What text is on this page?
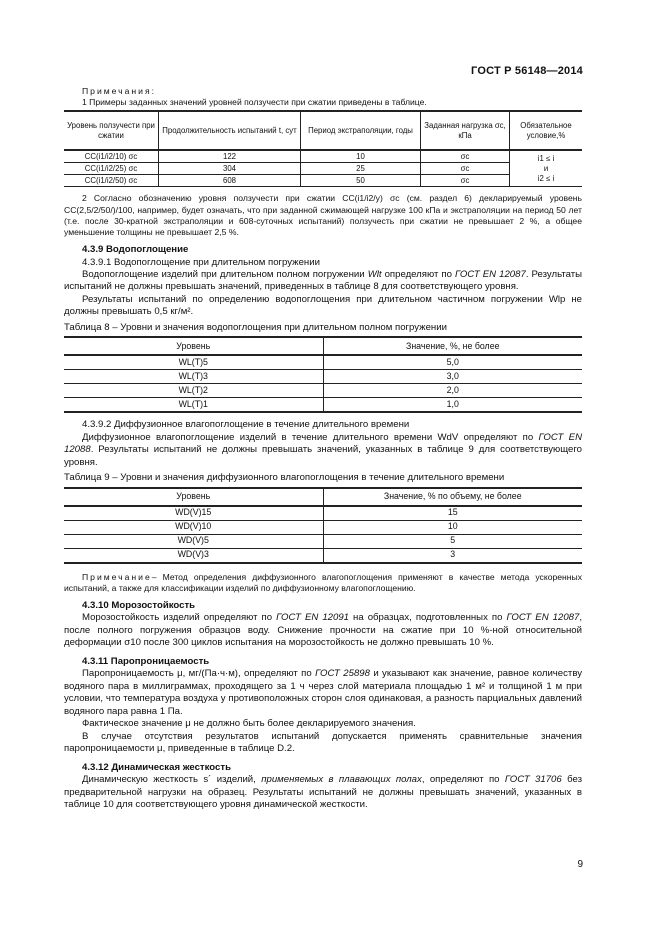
ГОСТ Р 56148—2014

Примечания:

1 Примеры заданных значений уровней ползучести при сжатии приведены в таблице.

Уровень ползучести при сжатии	Продолжительность испытаний t, сут	Период экстраполяции, годы	Заданная нагрузка σc, кПа	Обязательное условие,%
CC(i1/i2/10) σc	122	10	σc	i1 ≤ i
и
i2 ≤ i

CC(i1/i2/25) σc	304	25	σc	
CC(i1/i2/50) σc	608	50	σc	

2 Согласно обозначению уровня ползучести при сжатии CC(i1/i2/y) σc (см. раздел 6) декларируемый уровень CC(2,5/2/50/)/100, например, будет означать, что при заданной сжимающей нагрузке 100 кПа и экстраполяции на период 50 лет (т.е. после 30-кратной экстраполяции и 608-суточных испытаний) ползучесть при сжатии не превышает 2 %, а общее уменьшение толщины не превышает 2,5 %.

4.3.9 Водопоглощение

4.3.9.1 Водопоглощение при длительном погружении

Водопоглощение изделий при длительном полном погружении Wlt определяют по ГОСТ EN 12087. Результаты испытаний не должны превышать значений, приведенных в таблице 8 для соответствующего уровня.

Результаты испытаний по определению водопоглощения при длительном частичном погружении Wlp не должны превышать 0,5 кг/м².

Таблица 8 – Уровни и значения водопоглощения при длительном полном погружении

Уровень	Значение, %, не более
WL(T)5	5,0
WL(T)3	3,0
WL(T)2	2,0
WL(T)1	1,0

4.3.9.2 Диффузионное влагопоглощение в течение длительного времени

Диффузионное влагопоглощение изделий в течение длительного времени WdV определяют по ГОСТ EN 12088. Результаты испытаний не должны превышать значений, указанных в таблице 9 для соответствующего уровня.

Таблица 9 – Уровни и значения диффузионного влагопоглощения в течение длительного времени

Уровень	Значение, % по объему, не более
WD(V)15	15
WD(V)10	10
WD(V)5	5
WD(V)3	3

Примечание– Метод определения диффузионного влагопоглощения применяют в качестве метода ускоренных испытаний, а также для классификации изделий по диффузионному влагопоглощению.

4.3.10 Морозостойкость

Морозостойкость изделий определяют по ГОСТ EN 12091 на образцах, подготовленных по ГОСТ EN 12087, после полного погружения образцов воду. Снижение прочности на сжатие при 10 %-ной относительной деформации σ10 после 300 циклов испытания на морозостойкость не должно превышать 10 %.

4.3.11 Паропроницаемость

Паропроницаемость μ, мг/(Па·ч·м), определяют по ГОСТ 25898 и указывают как значение, равное количеству водяного пара в миллиграммах, проходящего за 1 ч через слой материала площадью 1 м² и толщиной 1 м при условии, что температура воздуха у противоположных сторон слоя одинаковая, а разность парциальных давлений водяного пара равна 1 Па.

Фактическое значение μ не должно быть более декларируемого значения.

В случае отсутствия результатов испытаний допускается применять сравнительные значения паропроницаемости μ, приведенные в таблице D.2.

4.3.12 Динамическая жесткость

Динамическую жесткость s´ изделий, применяемых в плавающих полах, определяют по ГОСТ 31706 без предварительной нагрузки на образец. Результаты испытаний не должны превышать значений, указанных в таблице 10 для соответствующего уровня динамической жесткости.

9
